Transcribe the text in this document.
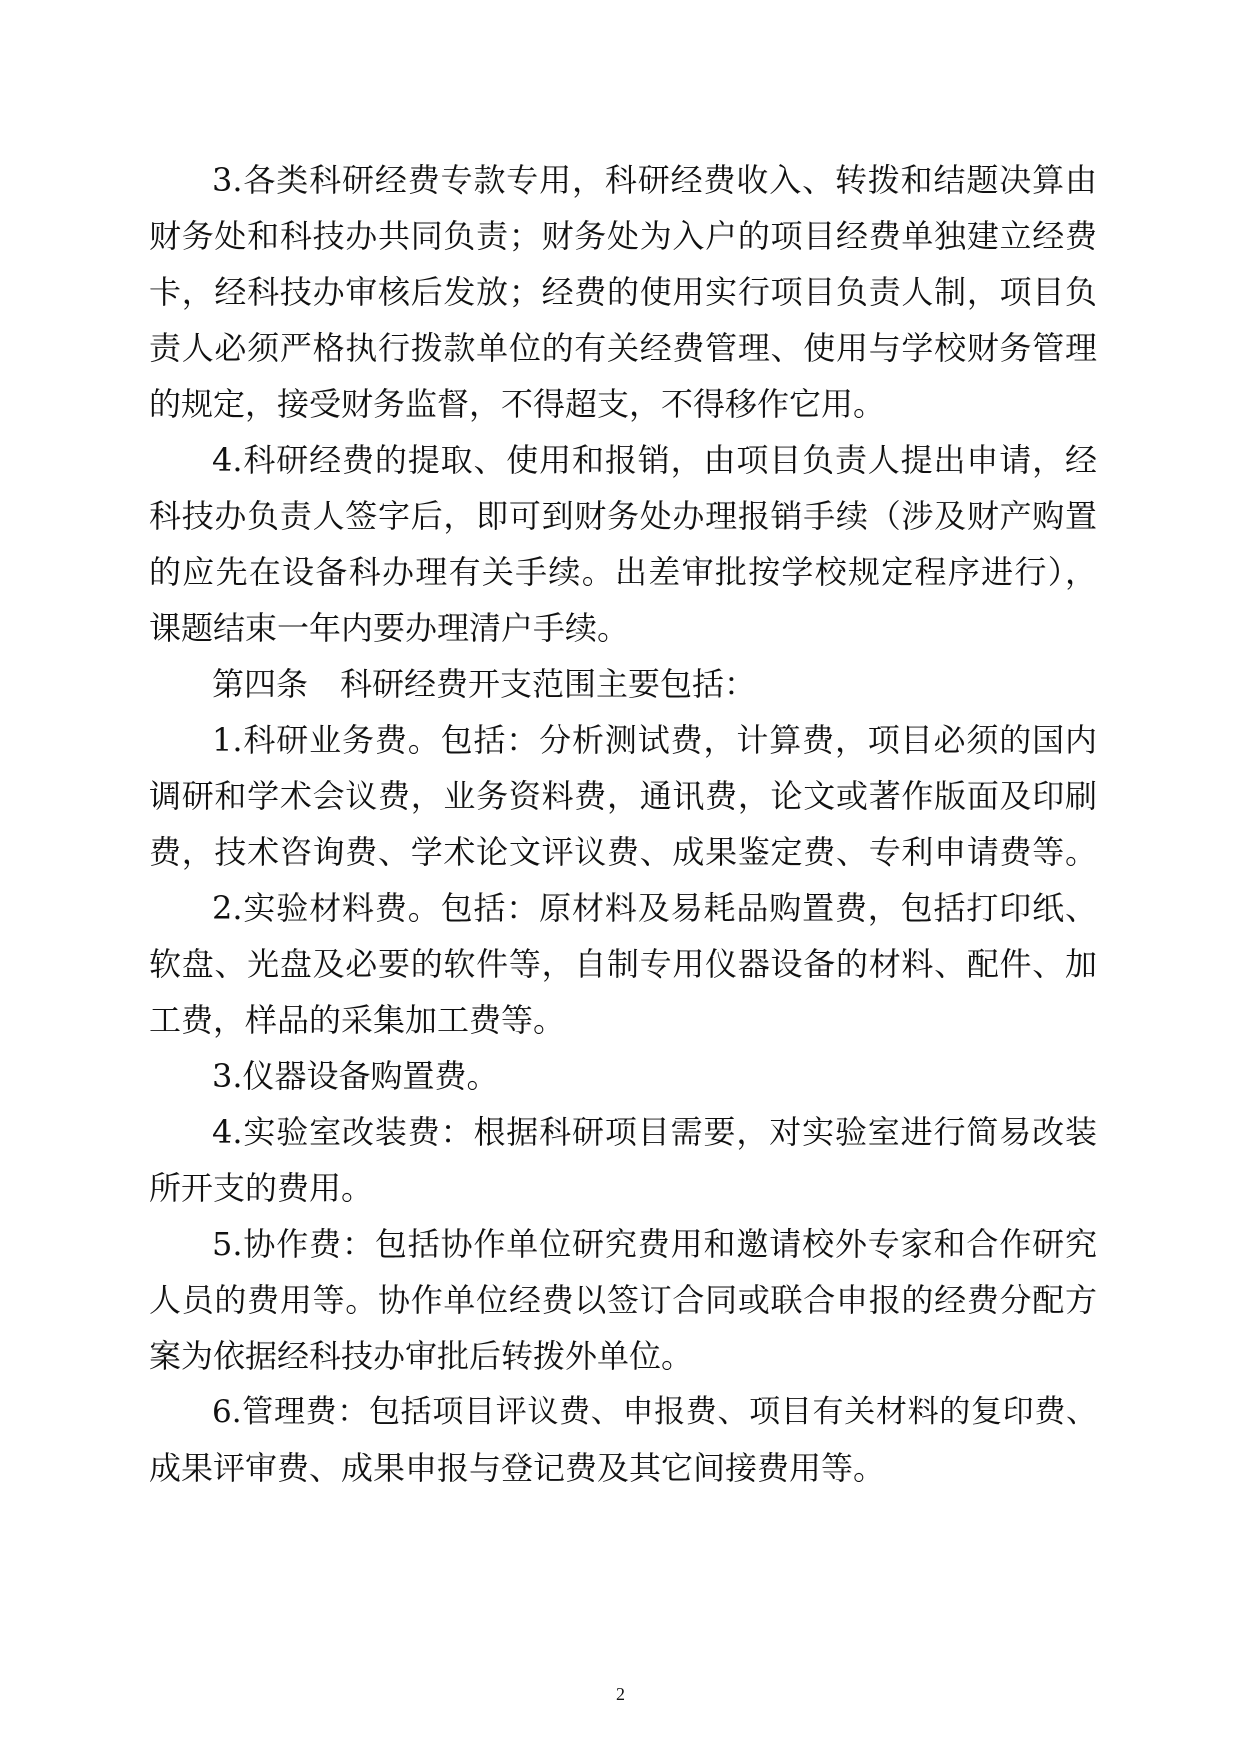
3.各类科研经费专款专用，科研经费收入、转拨和结题决算由
财务处和科技办共同负责；财务处为入户的项目经费单独建立经费
卡，经科技办审核后发放；经费的使用实行项目负责人制，项目负
责人必须严格执行拨款单位的有关经费管理、使用与学校财务管理
的规定，接受财务监督，不得超支，不得移作它用。
4.科研经费的提取、使用和报销，由项目负责人提出申请，经
科技办负责人签字后，即可到财务处办理报销手续（涉及财产购置
的应先在设备科办理有关手续。出差审批按学校规定程序进行），
课题结束一年内要办理清户手续。
第四条　科研经费开支范围主要包括：
1.科研业务费。包括：分析测试费，计算费，项目必须的国内
调研和学术会议费，业务资料费，通讯费，论文或著作版面及印刷
费，技术咨询费、学术论文评议费、成果鉴定费、专利申请费等。
2.实验材料费。包括：原材料及易耗品购置费，包括打印纸、
软盘、光盘及必要的软件等，自制专用仪器设备的材料、配件、加
工费，样品的采集加工费等。
3.仪器设备购置费。
4.实验室改装费：根据科研项目需要，对实验室进行简易改装
所开支的费用。
5.协作费：包括协作单位研究费用和邀请校外专家和合作研究
人员的费用等。协作单位经费以签订合同或联合申报的经费分配方
案为依据经科技办审批后转拨外单位。
6.管理费：包括项目评议费、申报费、项目有关材料的复印费、
成果评审费、成果申报与登记费及其它间接费用等。
2
